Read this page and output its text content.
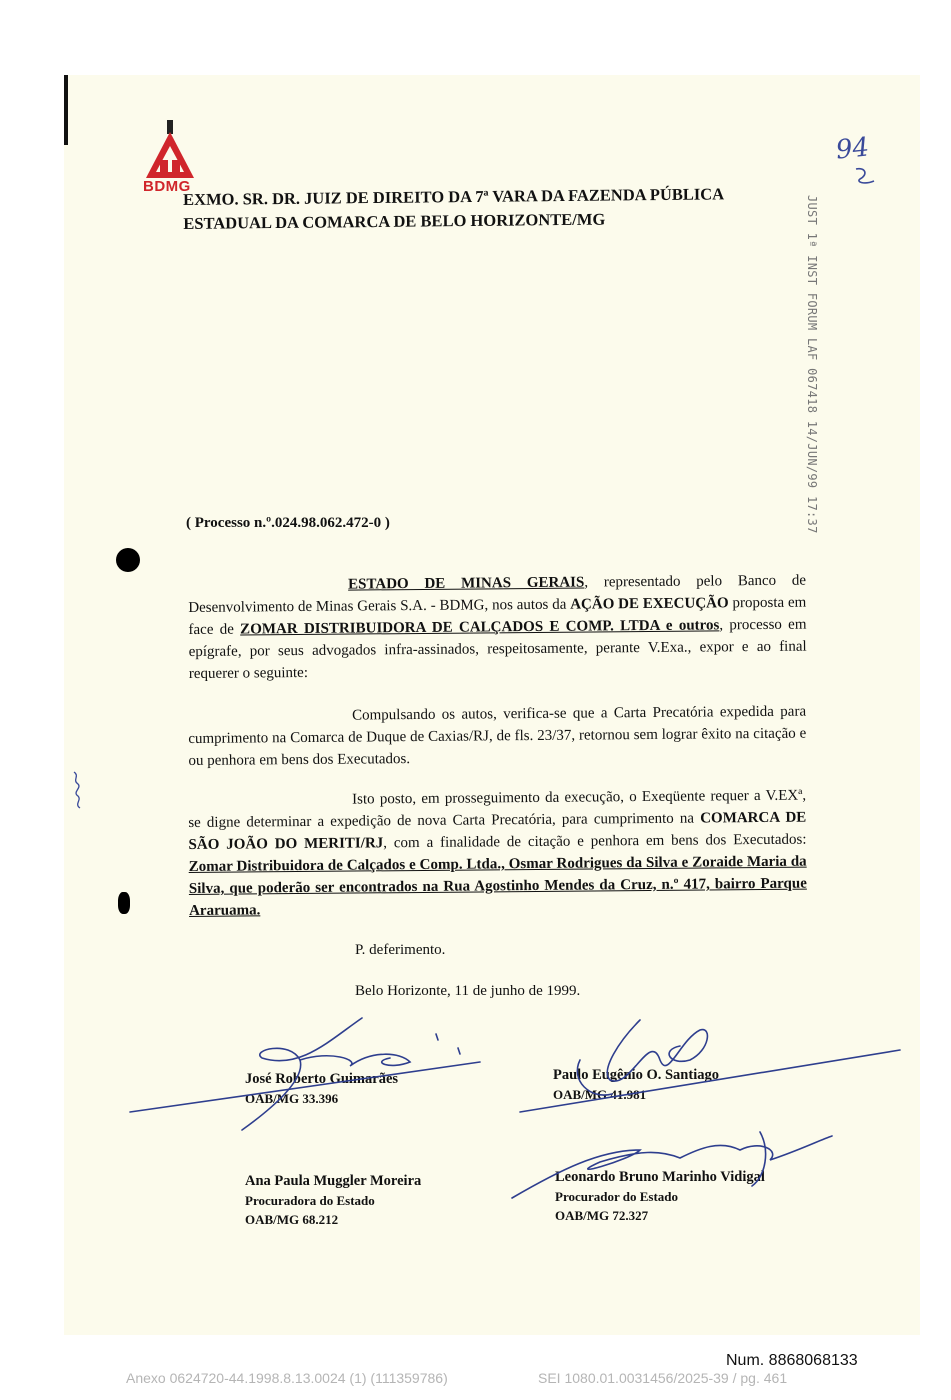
BDMG
94
EXMO. SR. DR. JUIZ DE DIREITO DA 7ª VARA DA FAZENDA PÚBLICA
ESTADUAL DA COMARCA DE BELO HORIZONTE/MG	JUST 1ª INST FORUM LAF 067418 14/JUN/99 17:37
( Processo n.º.024.98.062.472-0 )
ESTADO DE MINAS GERAIS, representado pelo Banco de Desenvolvimento de Minas Gerais S.A. - BDMG, nos autos da AÇÃO DE EXECUÇÃO proposta em face de ZOMAR DISTRIBUIDORA DE CALÇADOS E COMP. LTDA e outros, processo em epígrafe, por seus advogados infra-assinados, respeitosamente, perante V.Exa., expor e ao final requerer o seguinte:
Compulsando os autos, verifica-se que a Carta Precatória expedida para cumprimento na Comarca de Duque de Caxias/RJ, de fls. 23/37, retornou sem lograr êxito na citação e ou penhora em bens dos Executados.
Isto posto, em prosseguimento da execução, o Exeqüente requer a V.EXª, se digne determinar a expedição de nova Carta Precatória, para cumprimento na COMARCA DE SÃO JOÃO DO MERITI/RJ, com a finalidade de citação e penhora em bens dos Executados: Zomar Distribuidora de Calçados e Comp. Ltda., Osmar Rodrigues da Silva e Zoraide Maria da Silva, que poderão ser encontrados na Rua Agostinho Mendes da Cruz, n.º 417, bairro Parque Araruama.
P. deferimento.
Belo Horizonte, 11 de junho de 1999.
José Roberto Guimarães
OAB/MG 33.396
Paulo Eugênio O. Santiago
OAB/MG 41.981
Ana Paula Muggler Moreira
Procuradora do Estado
OAB/MG 68.212
Leonardo Bruno Marinho Vidigal
Procurador do Estado
OAB/MG 72.327
Num. 8868068133
Anexo 0624720-44.1998.8.13.0024 (1) (111359786)	SEI 1080.01.0031456/2025-39 / pg. 461
